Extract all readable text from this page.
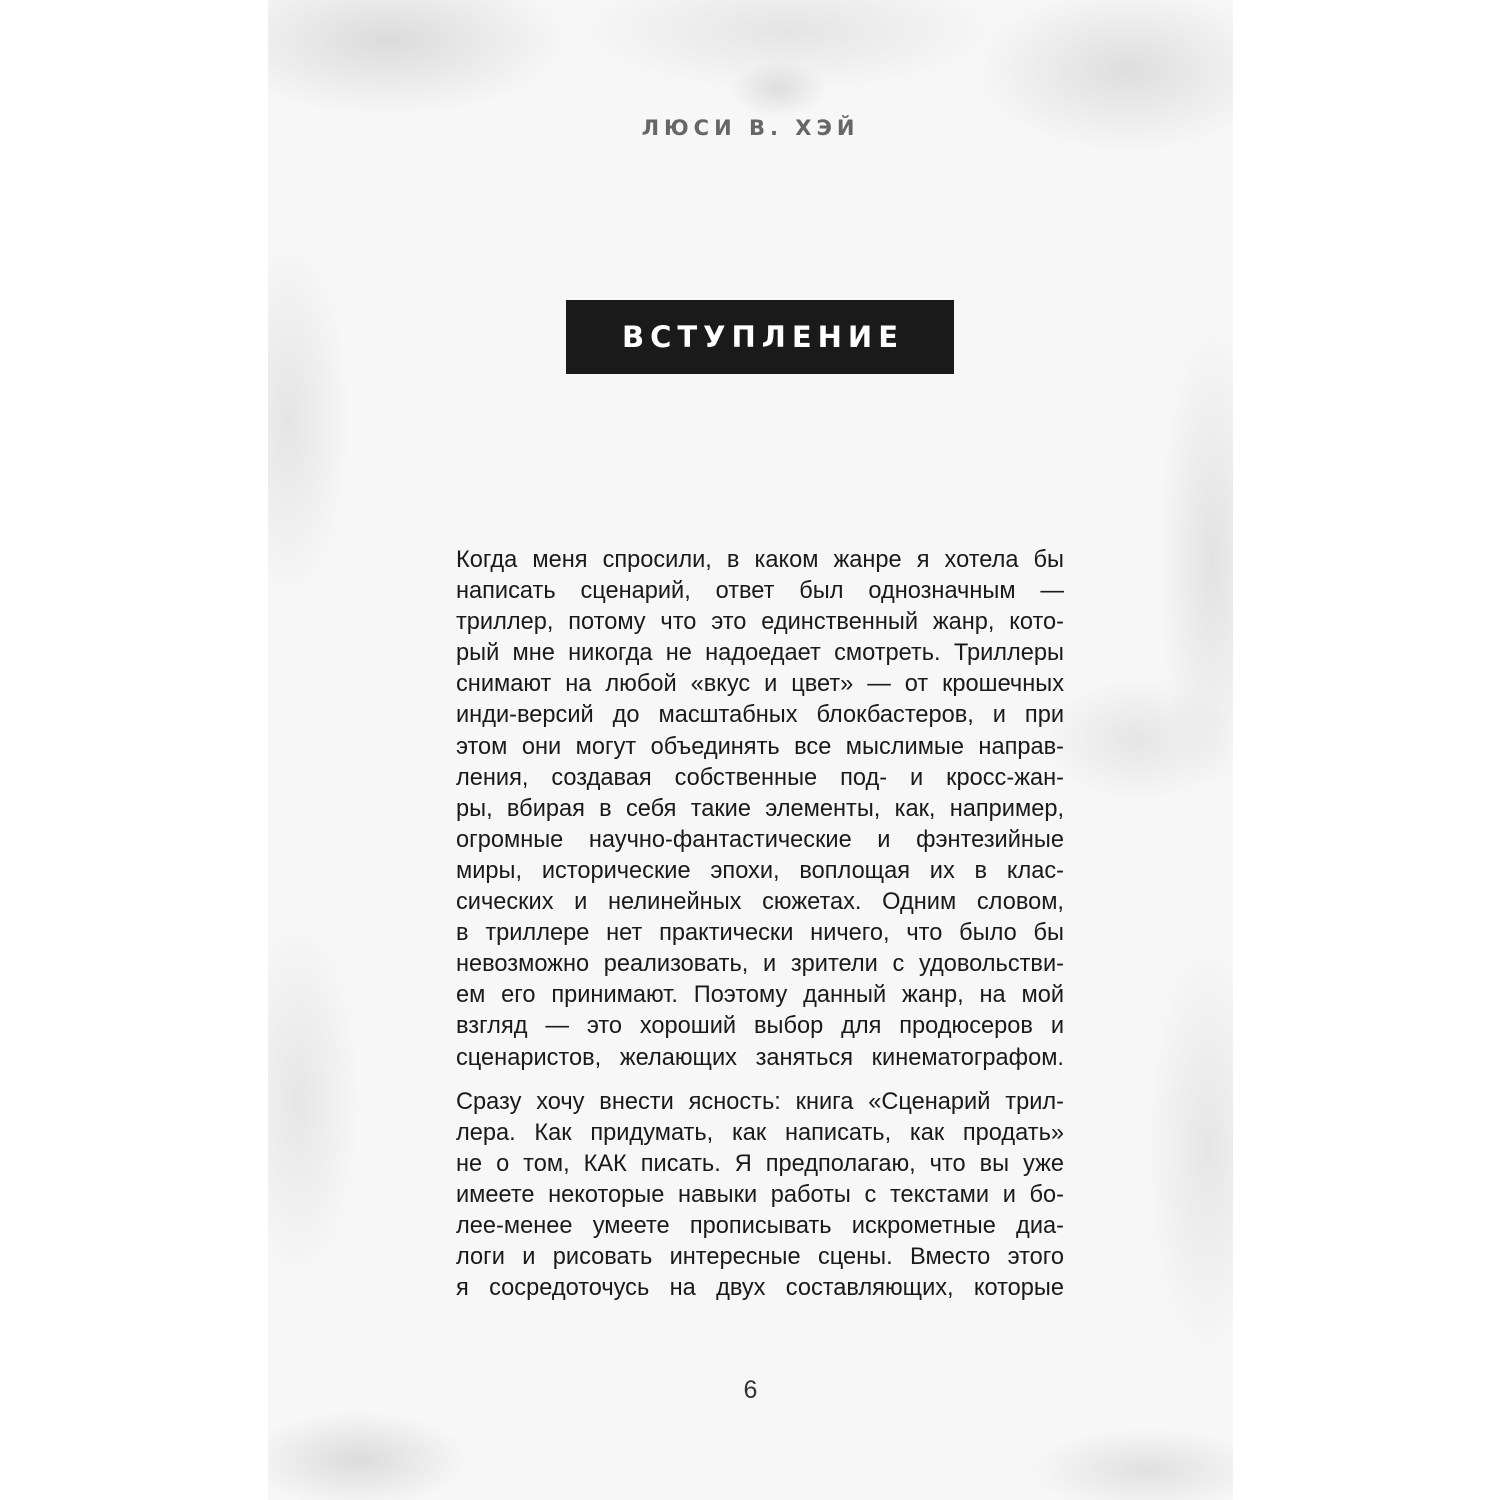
ЛЮСИ В. ХЭЙ
ВСТУПЛЕНИЕ

Когда меня спросили, в каком жанре я хотела бы
написать сценарий, ответ был однозначным —
триллер, потому что это единственный жанр, кото-
рый мне никогда не надоедает смотреть. Триллеры
снимают на любой «вкус и цвет» — от крошечных
инди-версий до масштабных блокбастеров, и при
этом они могут объединять все мыслимые направ-
ления, создавая собственные под- и кросс-жан-
ры, вбирая в себя такие элементы, как, например,
огромные научно-фантастические и фэнтезийные
миры, исторические эпохи, воплощая их в клас-
сических и нелинейных сюжетах. Одним словом,
в триллере нет практически ничего, что было бы
невозможно реализовать, и зрители с удовольстви-
ем его принимают. Поэтому данный жанр, на мой
взгляд — это хороший выбор для продюсеров и
сценаристов, желающих заняться кинематографом.

Сразу хочу внести ясность: книга «Сценарий трил-
лера. Как придумать, как написать, как продать»
не о том, КАК писать. Я предполагаю, что вы уже
имеете некоторые навыки работы с текстами и бо-
лее-менее умеете прописывать искрометные диа-
логи и рисовать интересные сцены. Вместо этого
я сосредоточусь на двух составляющих, которые

6
